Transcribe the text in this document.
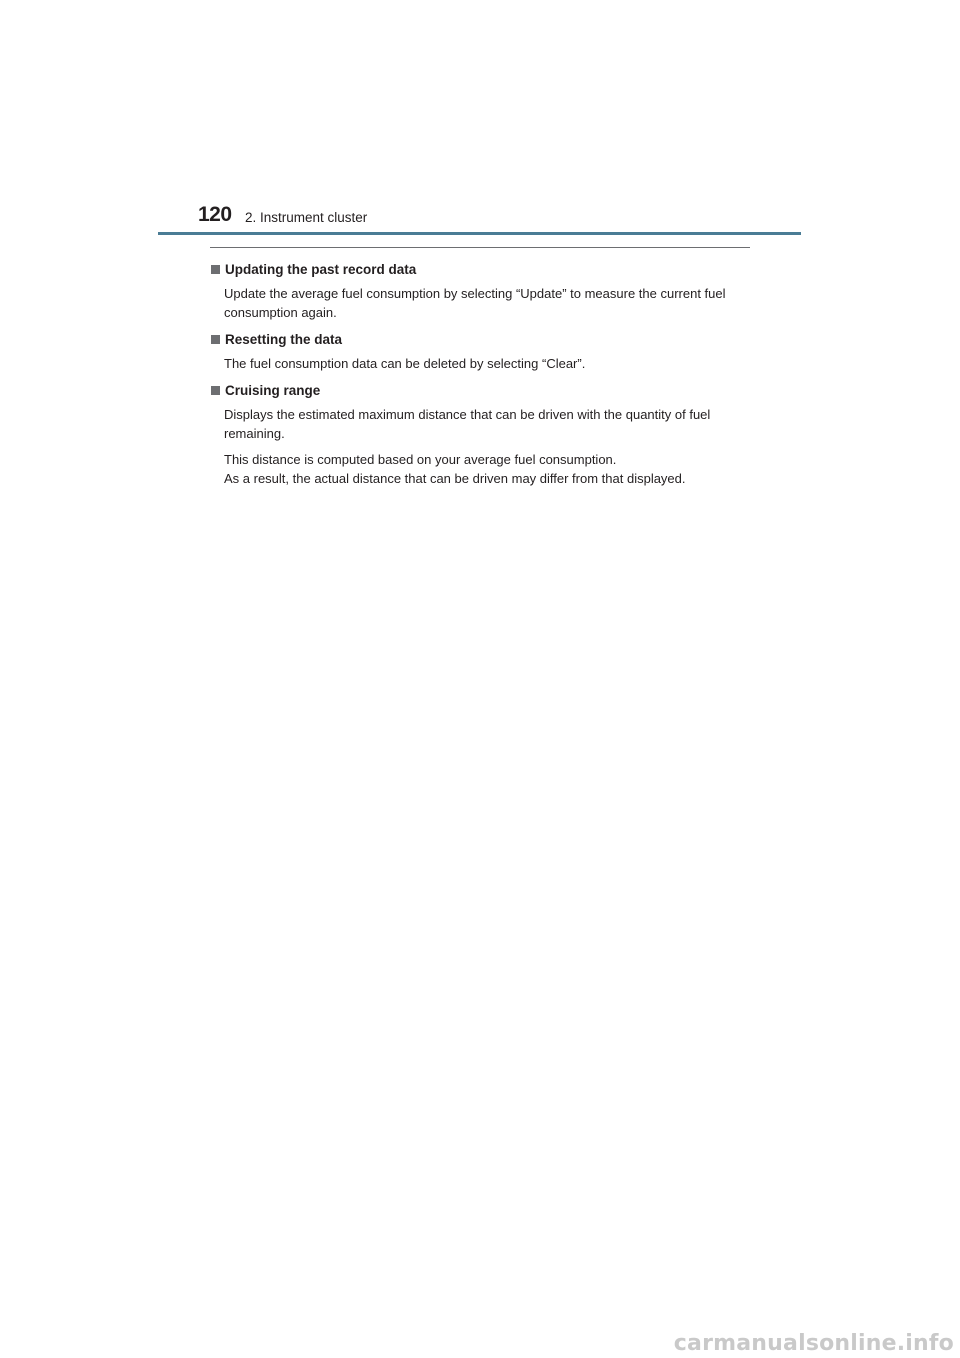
120 2. Instrument cluster
Updating the past record data

Update the average fuel consumption by selecting “Update” to measure the current fuel consumption again.

Resetting the data

The fuel consumption data can be deleted by selecting “Clear”.

Cruising range

Displays the estimated maximum distance that can be driven with the quantity of fuel remaining.

This distance is computed based on your average fuel consumption.
As a result, the actual distance that can be driven may differ from that displayed.

carmanualsonline.info
